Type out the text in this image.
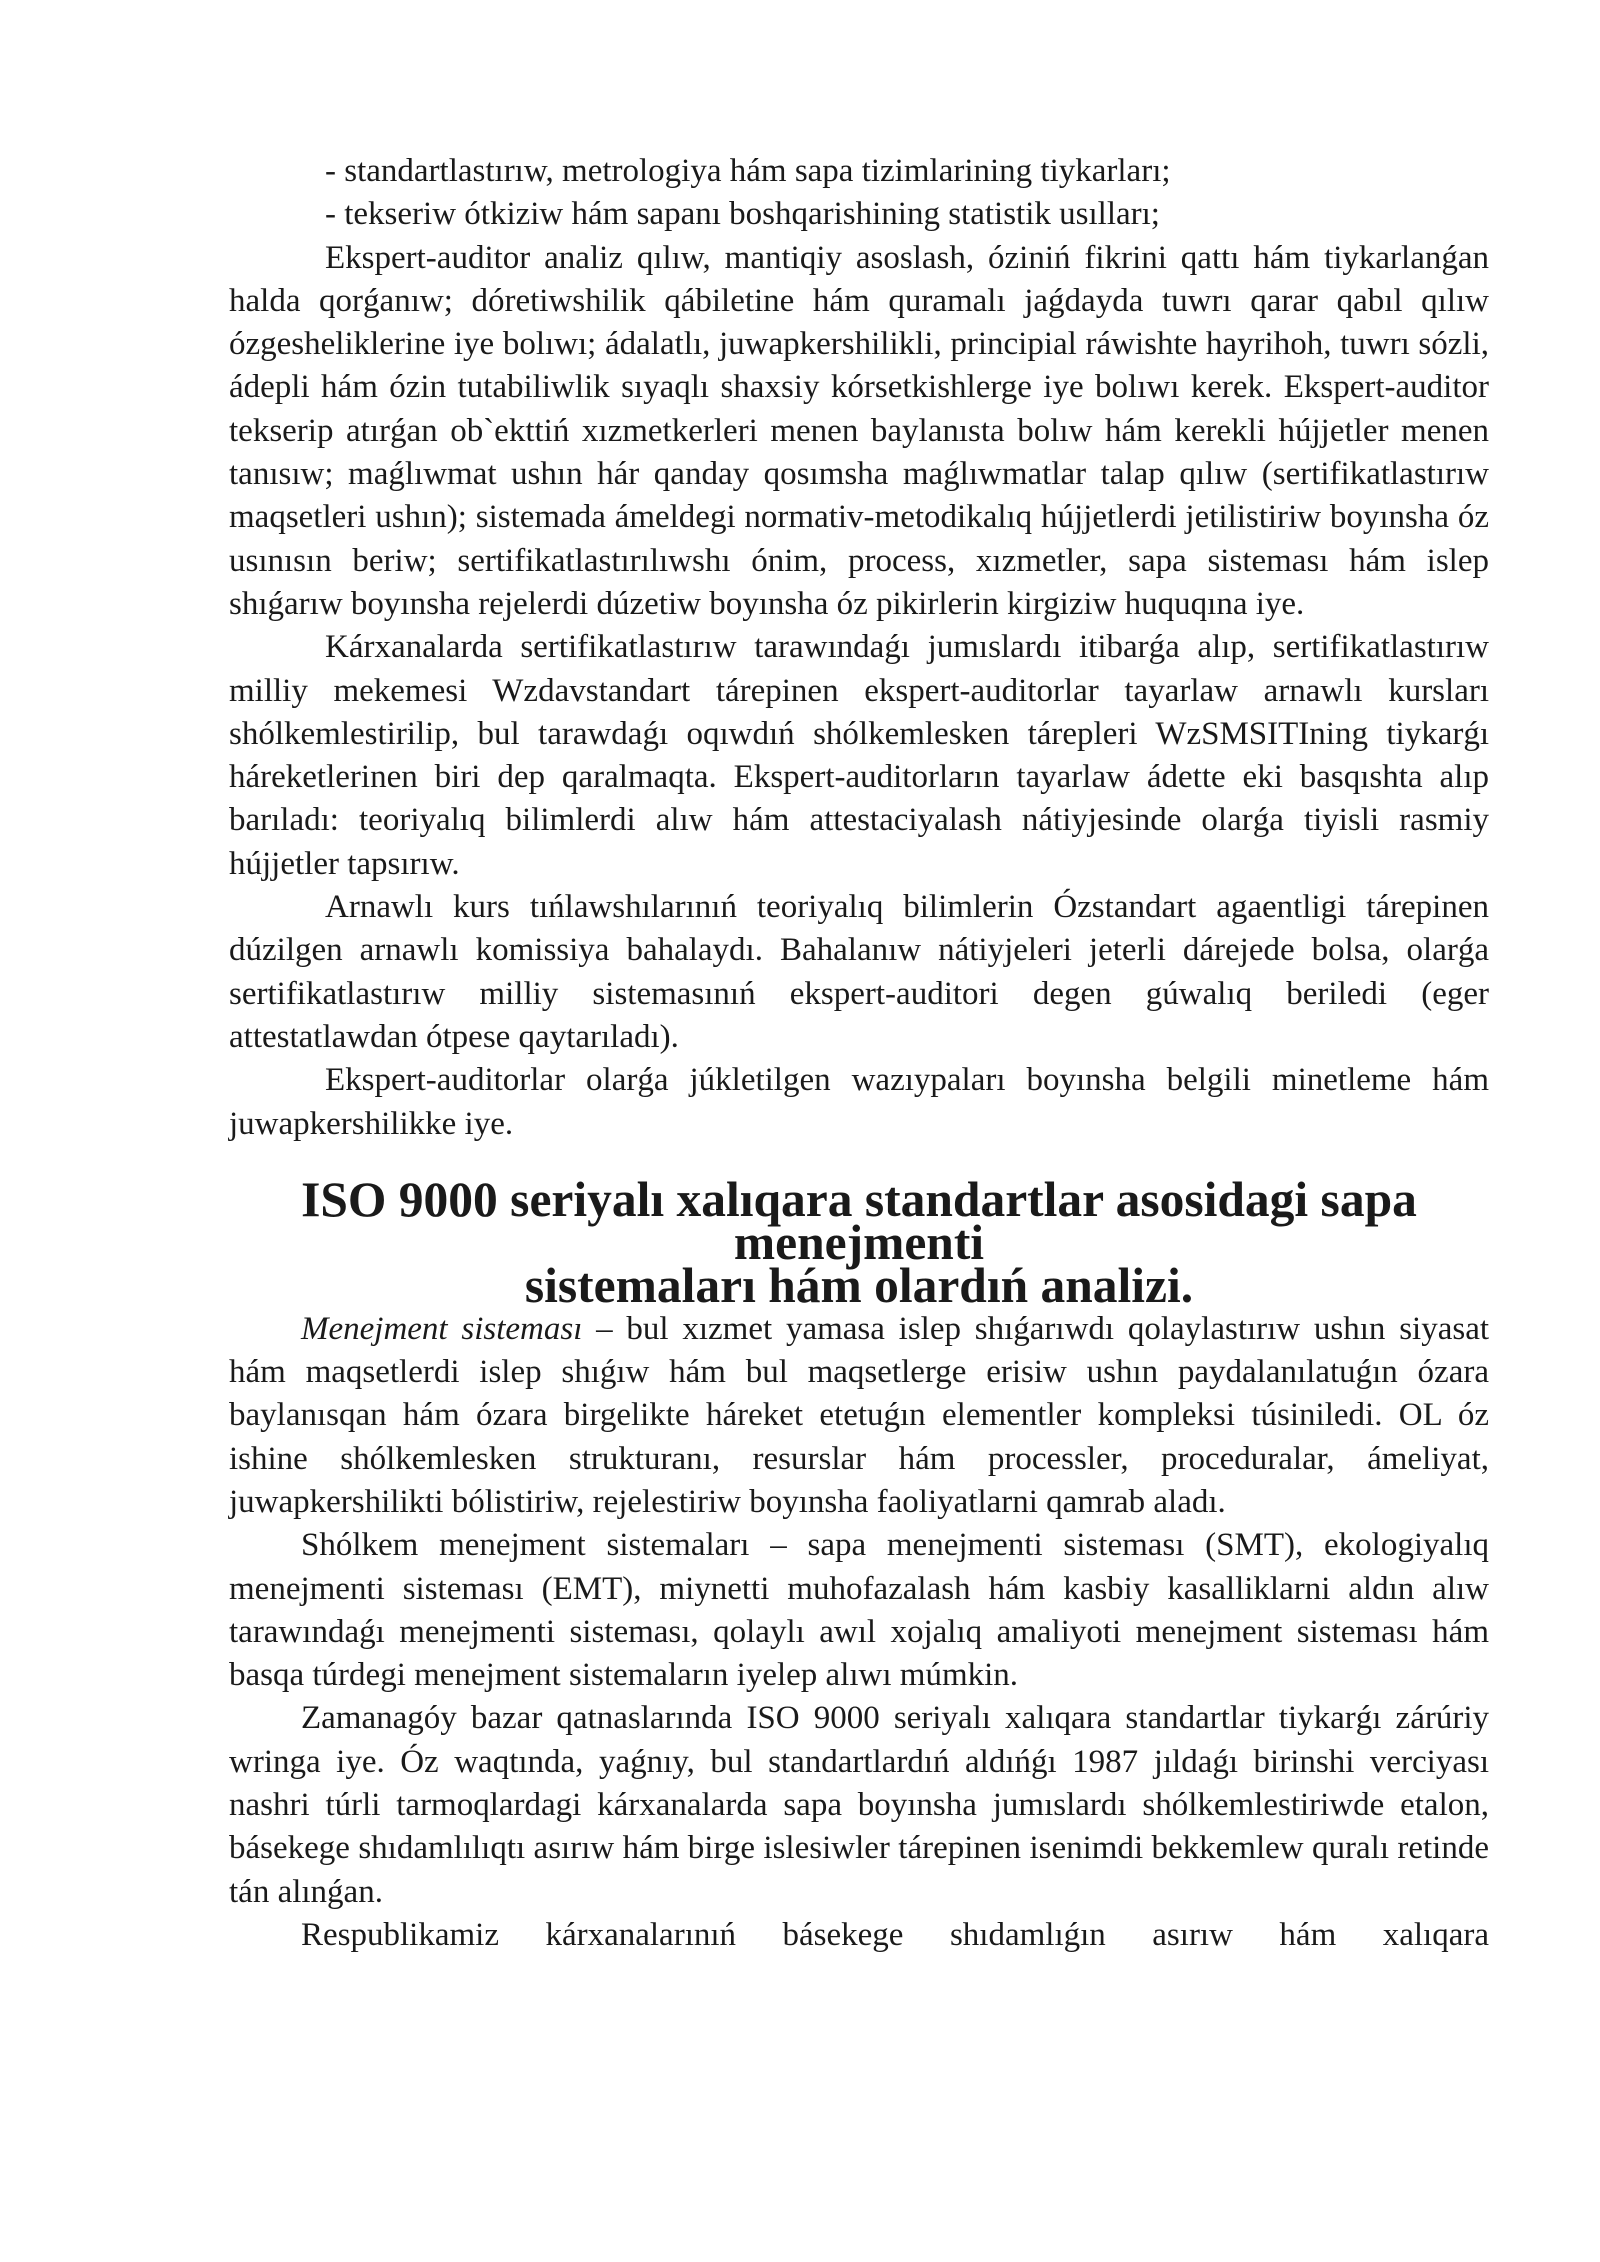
- standartlastırıw, metrologiya hám sapa tizimlarining tiykarları;

- tekseriw ótkiziw hám sapanı boshqarishining statistik usılları;

Ekspert-auditor analiz qılıw, mantiqiy asoslash, óziniń fikrini qattı hám tiykarlanǵan halda qorǵanıw; dóretiwshilik qábiletine hám quramalı jaǵdayda tuwrı qarar qabıl qılıw ózgesheliklerine iye bolıwı; ádalatlı, juwapkershilikli, principial ráwishte hayrihoh, tuwrı sózli, ádepli hám ózin tutabiliwlik sıyaqlı shaxsiy kórsetkishlerge iye bolıwı kerek. Ekspert-auditor tekserip atırǵan ob`ekttiń xızmetkerleri menen baylanısta bolıw hám kerekli hújjetler menen tanısıw; maǵlıwmat ushın hár qanday qosımsha maǵlıwmatlar talap qılıw (sertifikatlastırıw maqsetleri ushın); sistemada ámeldegi normativ-metodikalıq hújjetlerdi jetilistiriw boyınsha óz usınısın beriw; sertifikatlastırılıwshı ónim, process, xızmetler, sapa sisteması hám islep shıǵarıw boyınsha rejelerdi dúzetiw boyınsha óz pikirlerin kirgiziw huquqına iye.

Kárxanalarda sertifikatlastırıw tarawındaǵı jumıslardı itibarǵa alıp, sertifikatlastırıw milliy mekemesi Wzdavstandart tárepinen ekspert-auditorlar tayarlaw arnawlı kursları shólkemlestirilip, bul tarawdaǵı oqıwdıń shólkemlesken tárepleri WzSMSITIning tiykarǵı háreketlerinen biri dep qaralmaqta. Ekspert-auditorların tayarlaw ádette eki basqıshta alıp barıladı: teoriyalıq bilimlerdi alıw hám attestaciyalash nátiyjesinde olarǵa tiyisli rasmiy hújjetler tapsırıw.

Arnawlı kurs tıńlawshılarınıń teoriyalıq bilimlerin Ózstandart agaentligi tárepinen dúzilgen arnawlı komissiya bahalaydı. Bahalanıw nátiyjeleri jeterli dárejede bolsa, olarǵa sertifikatlastırıw milliy sistemasınıń ekspert-auditori degen gúwalıq beriledi (eger attestatlawdan ótpese qaytarıladı).

Ekspert-auditorlar olarǵa júkletilgen wazıypaları boyınsha belgili minetleme hám juwapkershilikke iye.

ISO 9000 seriyalı xalıqara standartlar asosidagi sapa menejmenti
sistemaları hám olardıń analizi.

Menejment sisteması – bul xızmet yamasa islep shıǵarıwdı qolaylastırıw ushın siyasat hám maqsetlerdi islep shıǵıw hám bul maqsetlerge erisiw ushın paydalanılatuǵın ózara baylanısqan hám ózara birgelikte háreket etetuǵın elementler kompleksi túsiniledi. OL óz ishine shólkemlesken strukturanı, resurslar hám processler, proceduralar, ámeliyat, juwapkershilikti bólistiriw, rejelestiriw boyınsha faoliyatlarni qamrab aladı.

Shólkem menejment sistemaları – sapa menejmenti sisteması (SMT), ekologiyalıq menejmenti sisteması (EMT), miynetti muhofazalash hám kasbiy kasalliklarni aldın alıw tarawındaǵı menejmenti sisteması, qolaylı awıl xojalıq amaliyoti menejment sisteması hám basqa túrdegi menejment sistemaların iyelep alıwı múmkin.

Zamanagóy bazar qatnaslarında ISO 9000 seriyalı xalıqara standartlar tiykarǵı zárúriy wringa iye. Óz waqtında, yaǵnıy, bul standartlardıń aldıńǵı 1987 jıldaǵı birinshi verciyası nashri túrli tarmoqlardagi kárxanalarda sapa boyınsha jumıslardı shólkemlestiriwde etalon, básekege shıdamlılıqtı asırıw hám birge islesiwler tárepinen isenimdi bekkemlew quralı retinde tán alınǵan.

Respublikamiz kárxanalarınıń básekege shıdamlıǵın asırıw hám xalıqara
